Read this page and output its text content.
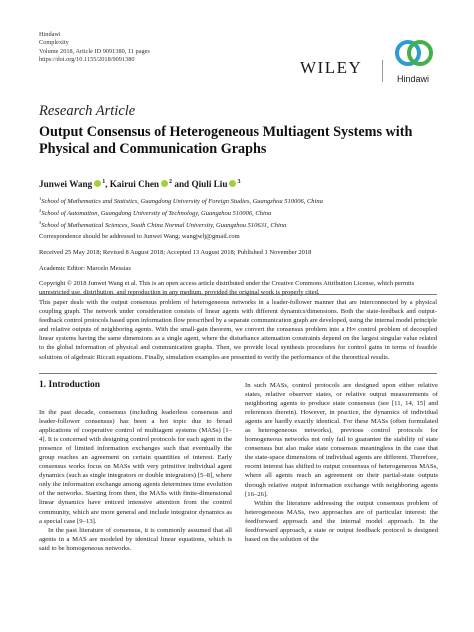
Hindawi
Complexity
Volume 2018, Article ID 9091380, 11 pages
https://doi.org/10.1155/2018/9091380	WILEY
Hindawi
Research Article
Output Consensus of Heterogeneous Multiagent Systems with Physical and Communication Graphs
Junwei Wang $^1$, Kairui Chen $^2$ and Qiuli Liu $^3$
$^1$School of Mathematics and Statistics, Guangdong University of Foreign Studies, Guangzhou 510006, China
$^2$School of Automation, Guangdong University of Technology, Guangzhou 510006, China
$^3$School of Mathematical Sciences, South China Normal University, Guangzhou 510631, China
Correspondence should be addressed to Junwei Wang; wangjwlj@gmail.com
Received 25 May 2018; Revised 8 August 2018; Accepted 13 August 2018; Published 1 November 2018
Academic Editor: Marcelo Messias
Copyright © 2018 Junwei Wang et al. This is an open access article distributed under the Creative Commons Attribution License, which permits unrestricted use, distribution, and reproduction in any medium, provided the original work is properly cited.
This paper deals with the output consensus problem of heterogeneous networks in a leader-follower manner that are interconnected by a physical coupling graph. The network under consideration consists of linear agents with different dynamics/dimensions. Both the state-feedback and output-feedback control protocols based upon information flow prescribed by a separate communication graph are developed, using the internal model principle and relative outputs of neighboring agents. With the small-gain theorem, we convert the consensus problem into a H∞ control problem of decoupled linear systems having the same dimensions as a single agent, where the disturbance attenuation constraints depend on the largest singular value related to the global information of physical and communication graphs. Then, we provide local synthesis procedures for control gains in terms of feasible solutions of algebraic Riccati equations. Finally, simulation examples are presented to verify the performance of the theoretical results.
1. Introduction

In the past decade, consensus (including leaderless consensus and leader-follower consensus) has been a hot topic due to broad applications of cooperative control of multiagent systems (MASs) [1–4]. It is concerned with designing control protocols for each agent in the presence of limited information exchanges such that eventually the group reaches an agreement on certain quantities of interest. Early consensus works focus on MASs with very primitive individual agent dynamics (such as single integrators or double integrators) [5–8], where only the information exchange among agents determines time evolution of the networks. Starting from then, the MASs with finite-dimensional linear dynamics have enticed intensive attention from the control community, which are more general and include integrator dynamics as a special case [9–13].

In the past literature of consensus, it is commonly assumed that all agents in a MAS are modeled by identical linear equations, which is said to be homogeneous networks.

In such MASs, control protocols are designed upon either relative states, relative observer states, or relative output measurements of neighboring agents to produce state consensus (see [11, 14, 15] and references therein). However, in practice, the dynamics of individual agents are hardly exactly identical. For these MASs (often formulated as heterogeneous networks), previous control protocols for homogeneous networks not only fail to guarantee the stability of state consensus but also make state consensus meaningless in the case that the state-space dimensions of individual agents are different. Therefore, recent interest has shifted to output consensus of heterogeneous MASs, where all agents reach an agreement on their partial-state outputs through relative output information exchange with neighboring agents [16–26].

Within the literature addressing the output consensus problem of heterogeneous MASs, two approaches are of particular interest: the feedforward approach and the internal model approach. In the feedforward approach, a state or output feedback protocol is designed based on the solution of the
